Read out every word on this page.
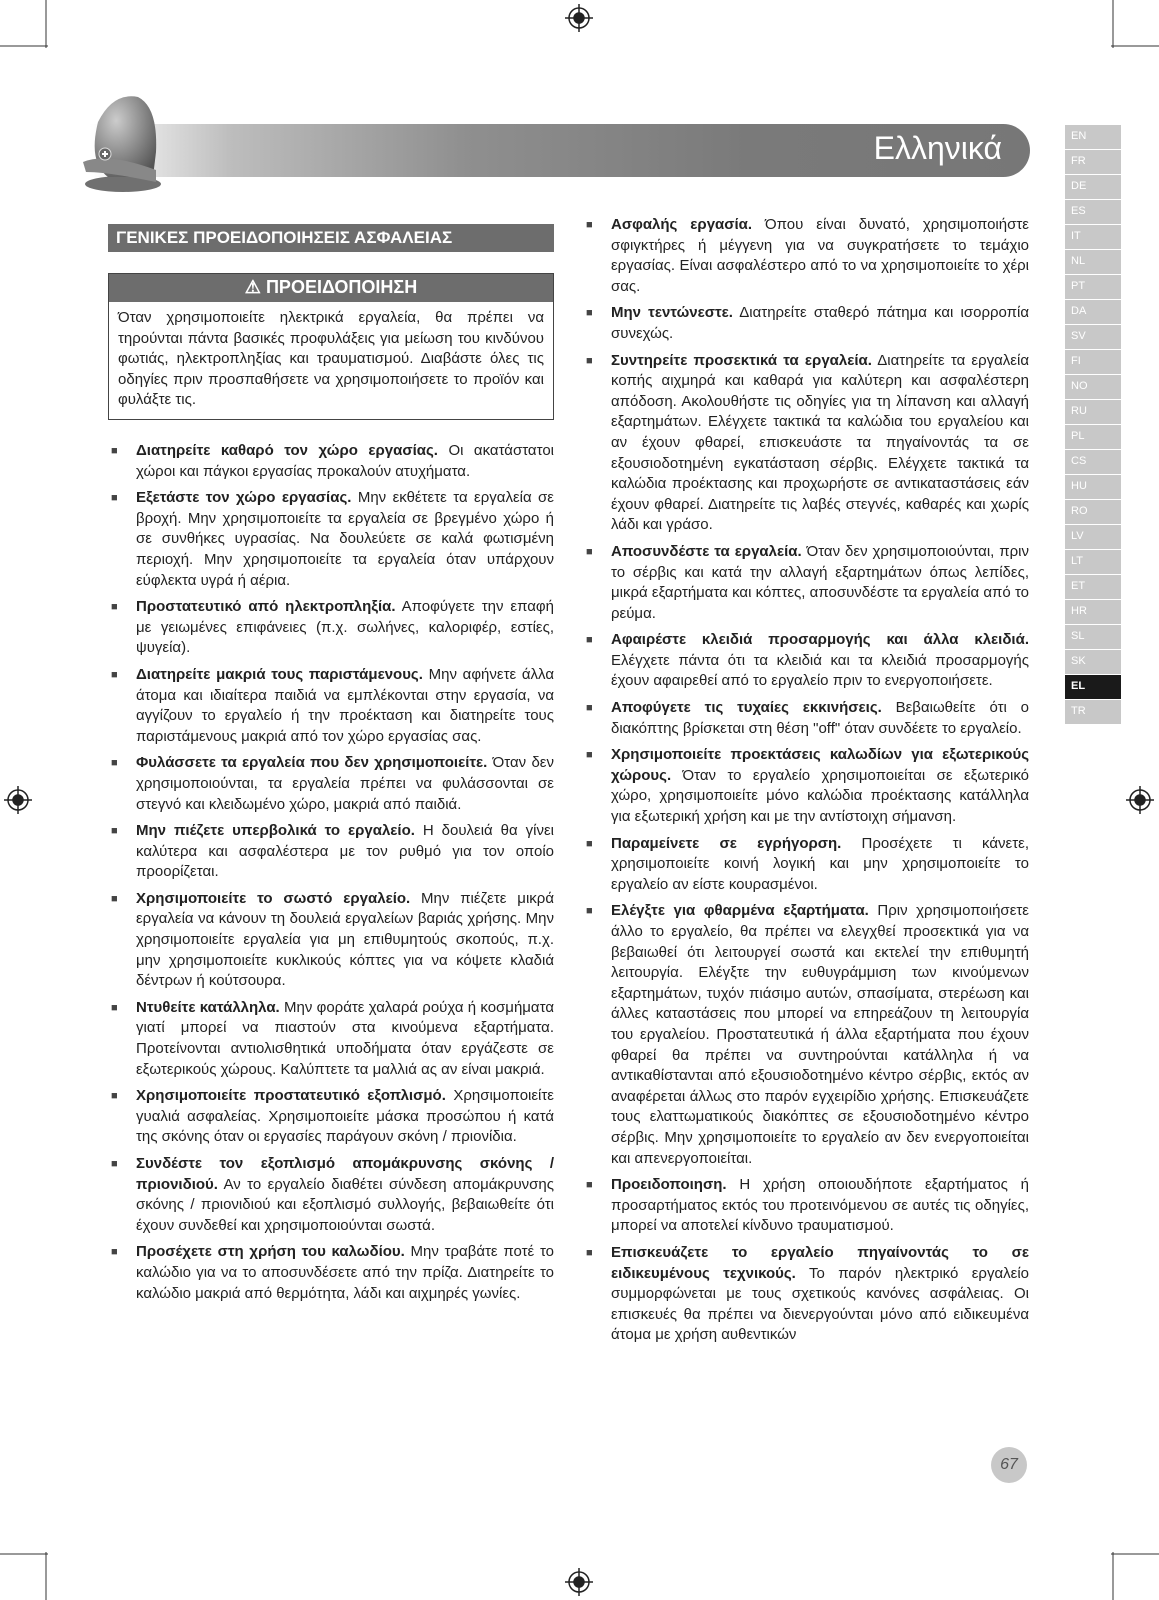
Ελληνικά	EN
FR
DE
ES
IT
NL
PT
DA
SV
FI
NO
RU
PL
CS
HU
RO
LV
LT
ET
HR
SL
SK
EL
TR
ΓΕΝΙΚΕΣ ΠΡΟΕΙΔΟΠΟΙΗΣΕΙΣ ΑΣΦΑΛΕΙΑΣ
⚠ ΠΡΟΕΙΔΟΠΟΙΗΣΗ
Όταν χρησιμοποιείτε ηλεκτρικά εργαλεία, θα πρέπει να τηρούνται πάντα βασικές προφυλάξεις για μείωση του κινδύνου φωτιάς, ηλεκτροπληξίας και τραυματισμού. Διαβάστε όλες τις οδηγίες πριν προσπαθήσετε να χρησιμοποιήσετε το προϊόν και φυλάξτε τις.
■ Διατηρείτε καθαρό τον χώρο εργασίας. Οι ακατάστατοι χώροι και πάγκοι εργασίας προκαλούν ατυχήματα.
■ Εξετάστε τον χώρο εργασίας. Μην εκθέτετε τα εργαλεία σε βροχή. Μην χρησιμοποιείτε τα εργαλεία σε βρεγμένο χώρο ή σε συνθήκες υγρασίας. Να δουλεύετε σε καλά φωτισμένη περιοχή. Μην χρησιμοποιείτε τα εργαλεία όταν υπάρχουν εύφλεκτα υγρά ή αέρια.
■ Προστατευτικό από ηλεκτροπληξία. Αποφύγετε την επαφή με γειωμένες επιφάνειες (π.χ. σωλήνες, καλοριφέρ, εστίες, ψυγεία).
■ Διατηρείτε μακριά τους παριστάμενους. Μην αφήνετε άλλα άτομα και ιδιαίτερα παιδιά να εμπλέκονται στην εργασία, να αγγίζουν το εργαλείο ή την προέκταση και διατηρείτε τους παριστάμενους μακριά από τον χώρο εργασίας σας.
■ Φυλάσσετε τα εργαλεία που δεν χρησιμοποιείτε. Όταν δεν χρησιμοποιούνται, τα εργαλεία πρέπει να φυλάσσονται σε στεγνό και κλειδωμένο χώρο, μακριά από παιδιά.
■ Μην πιέζετε υπερβολικά το εργαλείο. Η δουλειά θα γίνει καλύτερα και ασφαλέστερα με τον ρυθμό για τον οποίο προορίζεται.
■ Χρησιμοποιείτε το σωστό εργαλείο. Μην πιέζετε μικρά εργαλεία να κάνουν τη δουλειά εργαλείων βαριάς χρήσης. Μην χρησιμοποιείτε εργαλεία για μη επιθυμητούς σκοπούς, π.χ. μην χρησιμοποιείτε κυκλικούς κόπτες για να κόψετε κλαδιά δέντρων ή κούτσουρα.
■ Ντυθείτε κατάλληλα. Μην φοράτε χαλαρά ρούχα ή κοσμήματα γιατί μπορεί να πιαστούν στα κινούμενα εξαρτήματα. Προτείνονται αντιολισθητικά υποδήματα όταν εργάζεστε σε εξωτερικούς χώρους. Καλύπτετε τα μαλλιά ας αν είναι μακριά.
■ Χρησιμοποιείτε προστατευτικό εξοπλισμό. Χρησιμοποιείτε γυαλιά ασφαλείας. Χρησιμοποιείτε μάσκα προσώπου ή κατά της σκόνης όταν οι εργασίες παράγουν σκόνη / πριονίδια.
■ Συνδέστε τον εξοπλισμό απομάκρυνσης σκόνης / πριονιδιού. Αν το εργαλείο διαθέτει σύνδεση απομάκρυνσης σκόνης / πριονιδιού και εξοπλισμό συλλογής, βεβαιωθείτε ότι έχουν συνδεθεί και χρησιμοποιούνται σωστά.
■ Προσέχετε στη χρήση του καλωδίου. Μην τραβάτε ποτέ το καλώδιο για να το αποσυνδέσετε από την πρίζα. Διατηρείτε το καλώδιο μακριά από θερμότητα, λάδι και αιχμηρές γωνίες.
■ Ασφαλής εργασία. Όπου είναι δυνατό, χρησιμοποιήστε σφιγκτήρες ή μέγγενη για να συγκρατήσετε το τεμάχιο εργασίας. Είναι ασφαλέστερο από το να χρησιμοποιείτε το χέρι σας.
■ Μην τεντώνεστε. Διατηρείτε σταθερό πάτημα και ισορροπία συνεχώς.
■ Συντηρείτε προσεκτικά τα εργαλεία. Διατηρείτε τα εργαλεία κοπής αιχμηρά και καθαρά για καλύτερη και ασφαλέστερη απόδοση. Ακολουθήστε τις οδηγίες για τη λίπανση και αλλαγή εξαρτημάτων. Ελέγχετε τακτικά τα καλώδια του εργαλείου και αν έχουν φθαρεί, επισκευάστε τα πηγαίνοντάς τα σε εξουσιοδοτημένη εγκατάσταση σέρβις. Ελέγχετε τακτικά τα καλώδια προέκτασης και προχωρήστε σε αντικαταστάσεις εάν έχουν φθαρεί. Διατηρείτε τις λαβές στεγνές, καθαρές και χωρίς λάδι και γράσο.
■ Αποσυνδέστε τα εργαλεία. Όταν δεν χρησιμοποιούνται, πριν το σέρβις και κατά την αλλαγή εξαρτημάτων όπως λεπίδες, μικρά εξαρτήματα και κόπτες, αποσυνδέστε τα εργαλεία από το ρεύμα.
■ Αφαιρέστε κλειδιά προσαρμογής και άλλα κλειδιά. Ελέγχετε πάντα ότι τα κλειδιά και τα κλειδιά προσαρμογής έχουν αφαιρεθεί από το εργαλείο πριν το ενεργοποιήσετε.
■ Αποφύγετε τις τυχαίες εκκινήσεις. Βεβαιωθείτε ότι ο διακόπτης βρίσκεται στη θέση "off" όταν συνδέετε το εργαλείο.
■ Χρησιμοποιείτε προεκτάσεις καλωδίων για εξωτερικούς χώρους. Όταν το εργαλείο χρησιμοποιείται σε εξωτερικό χώρο, χρησιμοποιείτε μόνο καλώδια προέκτασης κατάλληλα για εξωτερική χρήση και με την αντίστοιχη σήμανση.
■ Παραμείνετε σε εγρήγορση. Προσέχετε τι κάνετε, χρησιμοποιείτε κοινή λογική και μην χρησιμοποιείτε το εργαλείο αν είστε κουρασμένοι.
■ Ελέγξτε για φθαρμένα εξαρτήματα. Πριν χρησιμοποιήσετε άλλο το εργαλείο, θα πρέπει να ελεγχθεί προσεκτικά για να βεβαιωθεί ότι λειτουργεί σωστά και εκτελεί την επιθυμητή λειτουργία. Ελέγξτε την ευθυγράμμιση των κινούμενων εξαρτημάτων, τυχόν πιάσιμο αυτών, σπασίματα, στερέωση και άλλες καταστάσεις που μπορεί να επηρεάζουν τη λειτουργία του εργαλείου. Προστατευτικά ή άλλα εξαρτήματα που έχουν φθαρεί θα πρέπει να συντηρούνται κατάλληλα ή να αντικαθίστανται από εξουσιοδοτημένο κέντρο σέρβις, εκτός αν αναφέρεται άλλως στο παρόν εγχειρίδιο χρήσης. Επισκευάζετε τους ελαττωματικούς διακόπτες σε εξουσιοδοτημένο κέντρο σέρβις. Μην χρησιμοποιείτε το εργαλείο αν δεν ενεργοποιείται και απενεργοποιείται.
■ Προειδοποιηση. Η χρήση οποιουδήποτε εξαρτήματος ή προσαρτήματος εκτός του προτεινόμενου σε αυτές τις οδηγίες, μπορεί να αποτελεί κίνδυνο τραυματισμού.
■ Επισκευάζετε το εργαλείο πηγαίνοντάς το σε ειδικευμένους τεχνικούς. Το παρόν ηλεκτρικό εργαλείο συμμορφώνεται με τους σχετικούς κανόνες ασφάλειας. Οι επισκευές θα πρέπει να διενεργούνται μόνο από ειδικευμένα άτομα με χρήση αυθεντικών
67
